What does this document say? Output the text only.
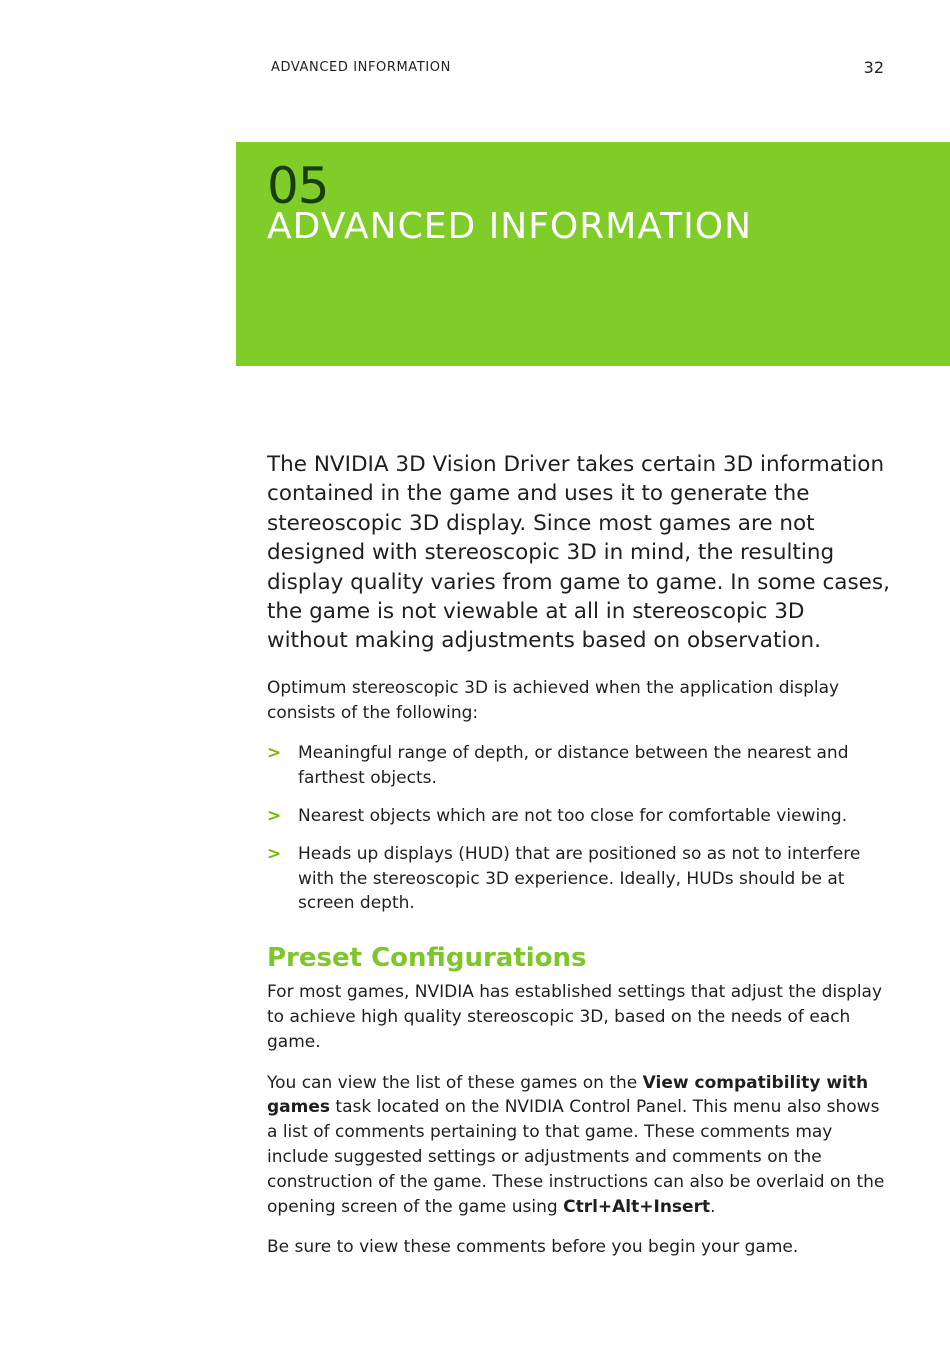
ADVANCED INFORMATION	32
05
ADVANCED INFORMATION

The NVIDIA 3D Vision Driver takes certain 3D information contained in the game and uses it to generate the stereoscopic 3D display. Since most games are not designed with stereoscopic 3D in mind, the resulting display quality varies from game to game. In some cases, the game is not viewable at all in stereoscopic 3D without making adjustments based on observation.

Optimum stereoscopic 3D is achieved when the application display consists of the following:

> Meaningful range of depth, or distance between the nearest and farthest objects.
> Nearest objects which are not too close for comfortable viewing.
> Heads up displays (HUD) that are positioned so as not to interfere with the stereoscopic 3D experience. Ideally, HUDs should be at screen depth.
Preset Configurations

For most games, NVIDIA has established settings that adjust the display to achieve high quality stereoscopic 3D, based on the needs of each game.

You can view the list of these games on the View compatibility with games task located on the NVIDIA Control Panel. This menu also shows a list of comments pertaining to that game. These comments may include suggested settings or adjustments and comments on the construction of the game. These instructions can also be overlaid on the opening screen of the game using Ctrl+Alt+Insert.

Be sure to view these comments before you begin your game.
